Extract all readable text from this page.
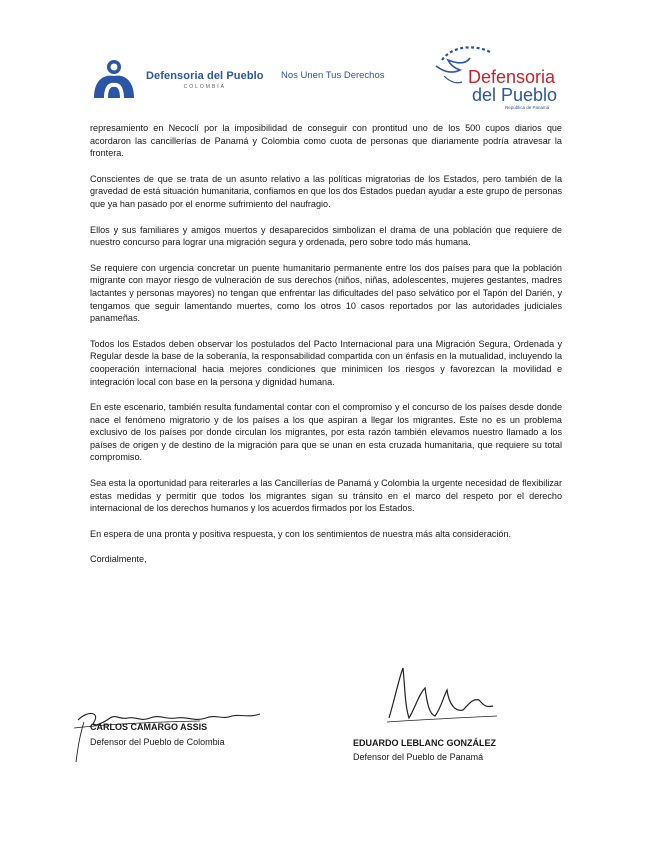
Defensoria del Pueblo
COLOMBIA
Nos Unen Tus Derechos	Defensoria
del Pueblo
República de Panamá

represamiento en Necoclí por la imposibilidad de conseguir con prontitud uno de los 500 cupos diarios que acordaron las cancillerías de Panamá y Colombia como cuota de personas que diariamente podría atravesar la frontera.

Conscientes de que se trata de un asunto relativo a las políticas migratorias de los Estados, pero también de la gravedad de está situación humanitaria, confiamos en que los dos Estados puedan ayudar a este grupo de personas que ya han pasado por el enorme sufrimiento del naufragio.

Ellos y sus familiares y amigos muertos y desaparecidos simbolizan el drama de una población que requiere de nuestro concurso para lograr una migración segura y ordenada, pero sobre todo más humana.

Se requiere con urgencia concretar un puente humanitario permanente entre los dos países para que la población migrante con mayor riesgo de vulneración de sus derechos (niños, niñas, adolescentes, mujeres gestantes, madres lactantes y personas mayores) no tengan que enfrentar las dificultades del paso selvático por el Tapón del Darién, y tengamos que seguir lamentando muertes, como los otros 10 casos reportados por las autoridades judiciales panameñas.

Todos los Estados deben observar los postulados del Pacto Internacional para una Migración Segura, Ordenada y Regular desde la base de la soberanía, la responsabilidad compartida con un énfasis en la mutualidad, incluyendo la cooperación internacional hacia mejores condiciones que minimicen los riesgos y favorezcan la movilidad e integración local con base en la persona y dignidad humana.

En este escenario, también resulta fundamental contar con el compromiso y el concurso de los países desde donde nace el fenómeno migratorio y de los países a los que aspiran a llegar los migrantes. Este no es un problema exclusivo de los países por donde circulan los migrantes, por esta razón también elevamos nuestro llamado a los países de origen y de destino de la migración para que se unan en esta cruzada humanitaria, que requiere su total compromiso.

Sea esta la oportunidad para reiterarles a las Cancillerías de Panamá y Colombia la urgente necesidad de flexibilizar estas medidas y permitir que todos los migrantes sigan su tránsito en el marco del respeto por el derecho internacional de los derechos humanos y los acuerdos firmados por los Estados.

En espera de una pronta y positiva respuesta, y con los sentimientos de nuestra más alta consideración.

Cordialmente,

CARLOS CAMARGO ASSIS
Defensor del Pueblo de Colombia	EDUARDO LEBLANC GONZÁLEZ
Defensor del Pueblo de Panamá
